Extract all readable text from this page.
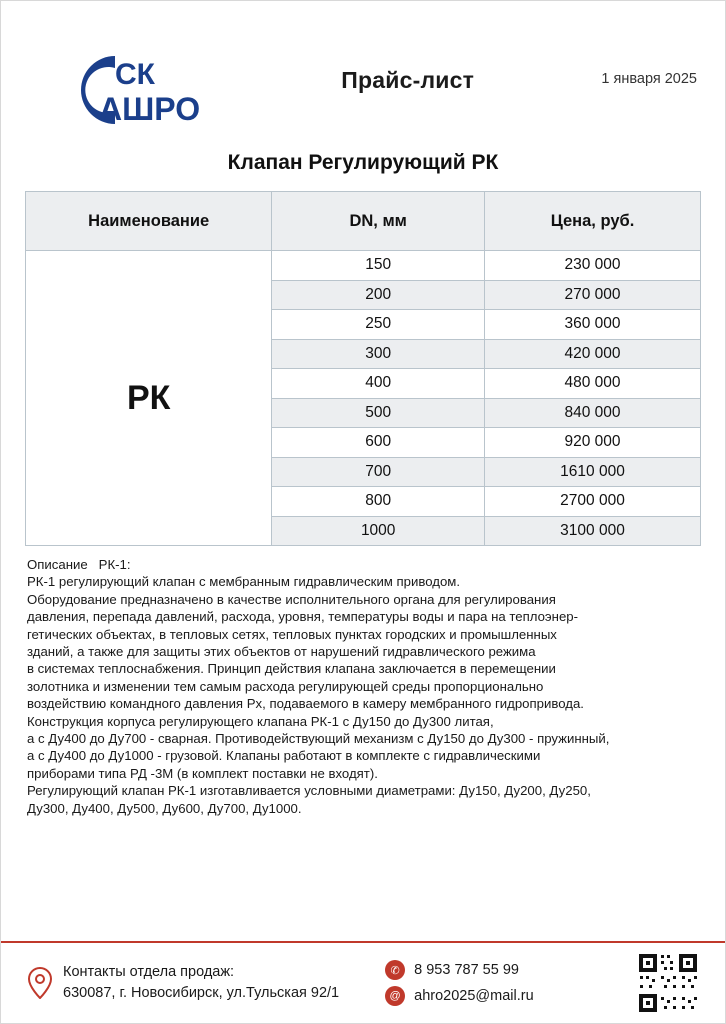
СК
АШРО
Прайс-лист	1 января 2025
Клапан Регулирующий РК
Наименование	DN, мм	Цена, руб.
РК	150	230 000
	200	270 000
	250	360 000
	300	420 000
	400	480 000
	500	840 000
	600	920 000
	700	1610 000
	800	2700 000
	1000	3100 000
Описание   РК-1:
РК-1 регулирующий клапан с мембранным гидравлическим приводом.
Оборудование предназначено в качестве исполнительного органа для регулирования
давления, перепада давлений, расхода, уровня, температуры воды и пара на теплоэнер-
гетических объектах, в тепловых сетях, тепловых пунктах городских и промышленных
зданий, а также для защиты этих объектов от нарушений гидравлического режима
в системах теплоснабжения. Принцип действия клапана заключается в перемещении
золотника и изменении тем самым расхода регулирующей среды пропорционально
воздействию командного давления Рх, подаваемого в камеру мембранного гидропривода.
Конструкция корпуса регулирующего клапана РК-1 с Ду150 до Ду300 литая,
а с Ду400 до Ду700 - сварная. Противодействующий механизм с Ду150 до Ду300 - пружинный,
а с Ду400 до Ду1000 - грузовой. Клапаны работают в комплекте с гидравлическими
приборами типа РД -3М (в комплект поставки не входят).
Регулирующий клапан РК-1 изготавливается условными диаметрами: Ду150, Ду200, Ду250,
Ду300, Ду400, Ду500, Ду600, Ду700, Ду1000.
Контакты отдела продаж:
630087, г. Новосибирск, ул.Тульская 92/1
✆ 8 953 787 55 99
@ ahro2025@mail.ru
